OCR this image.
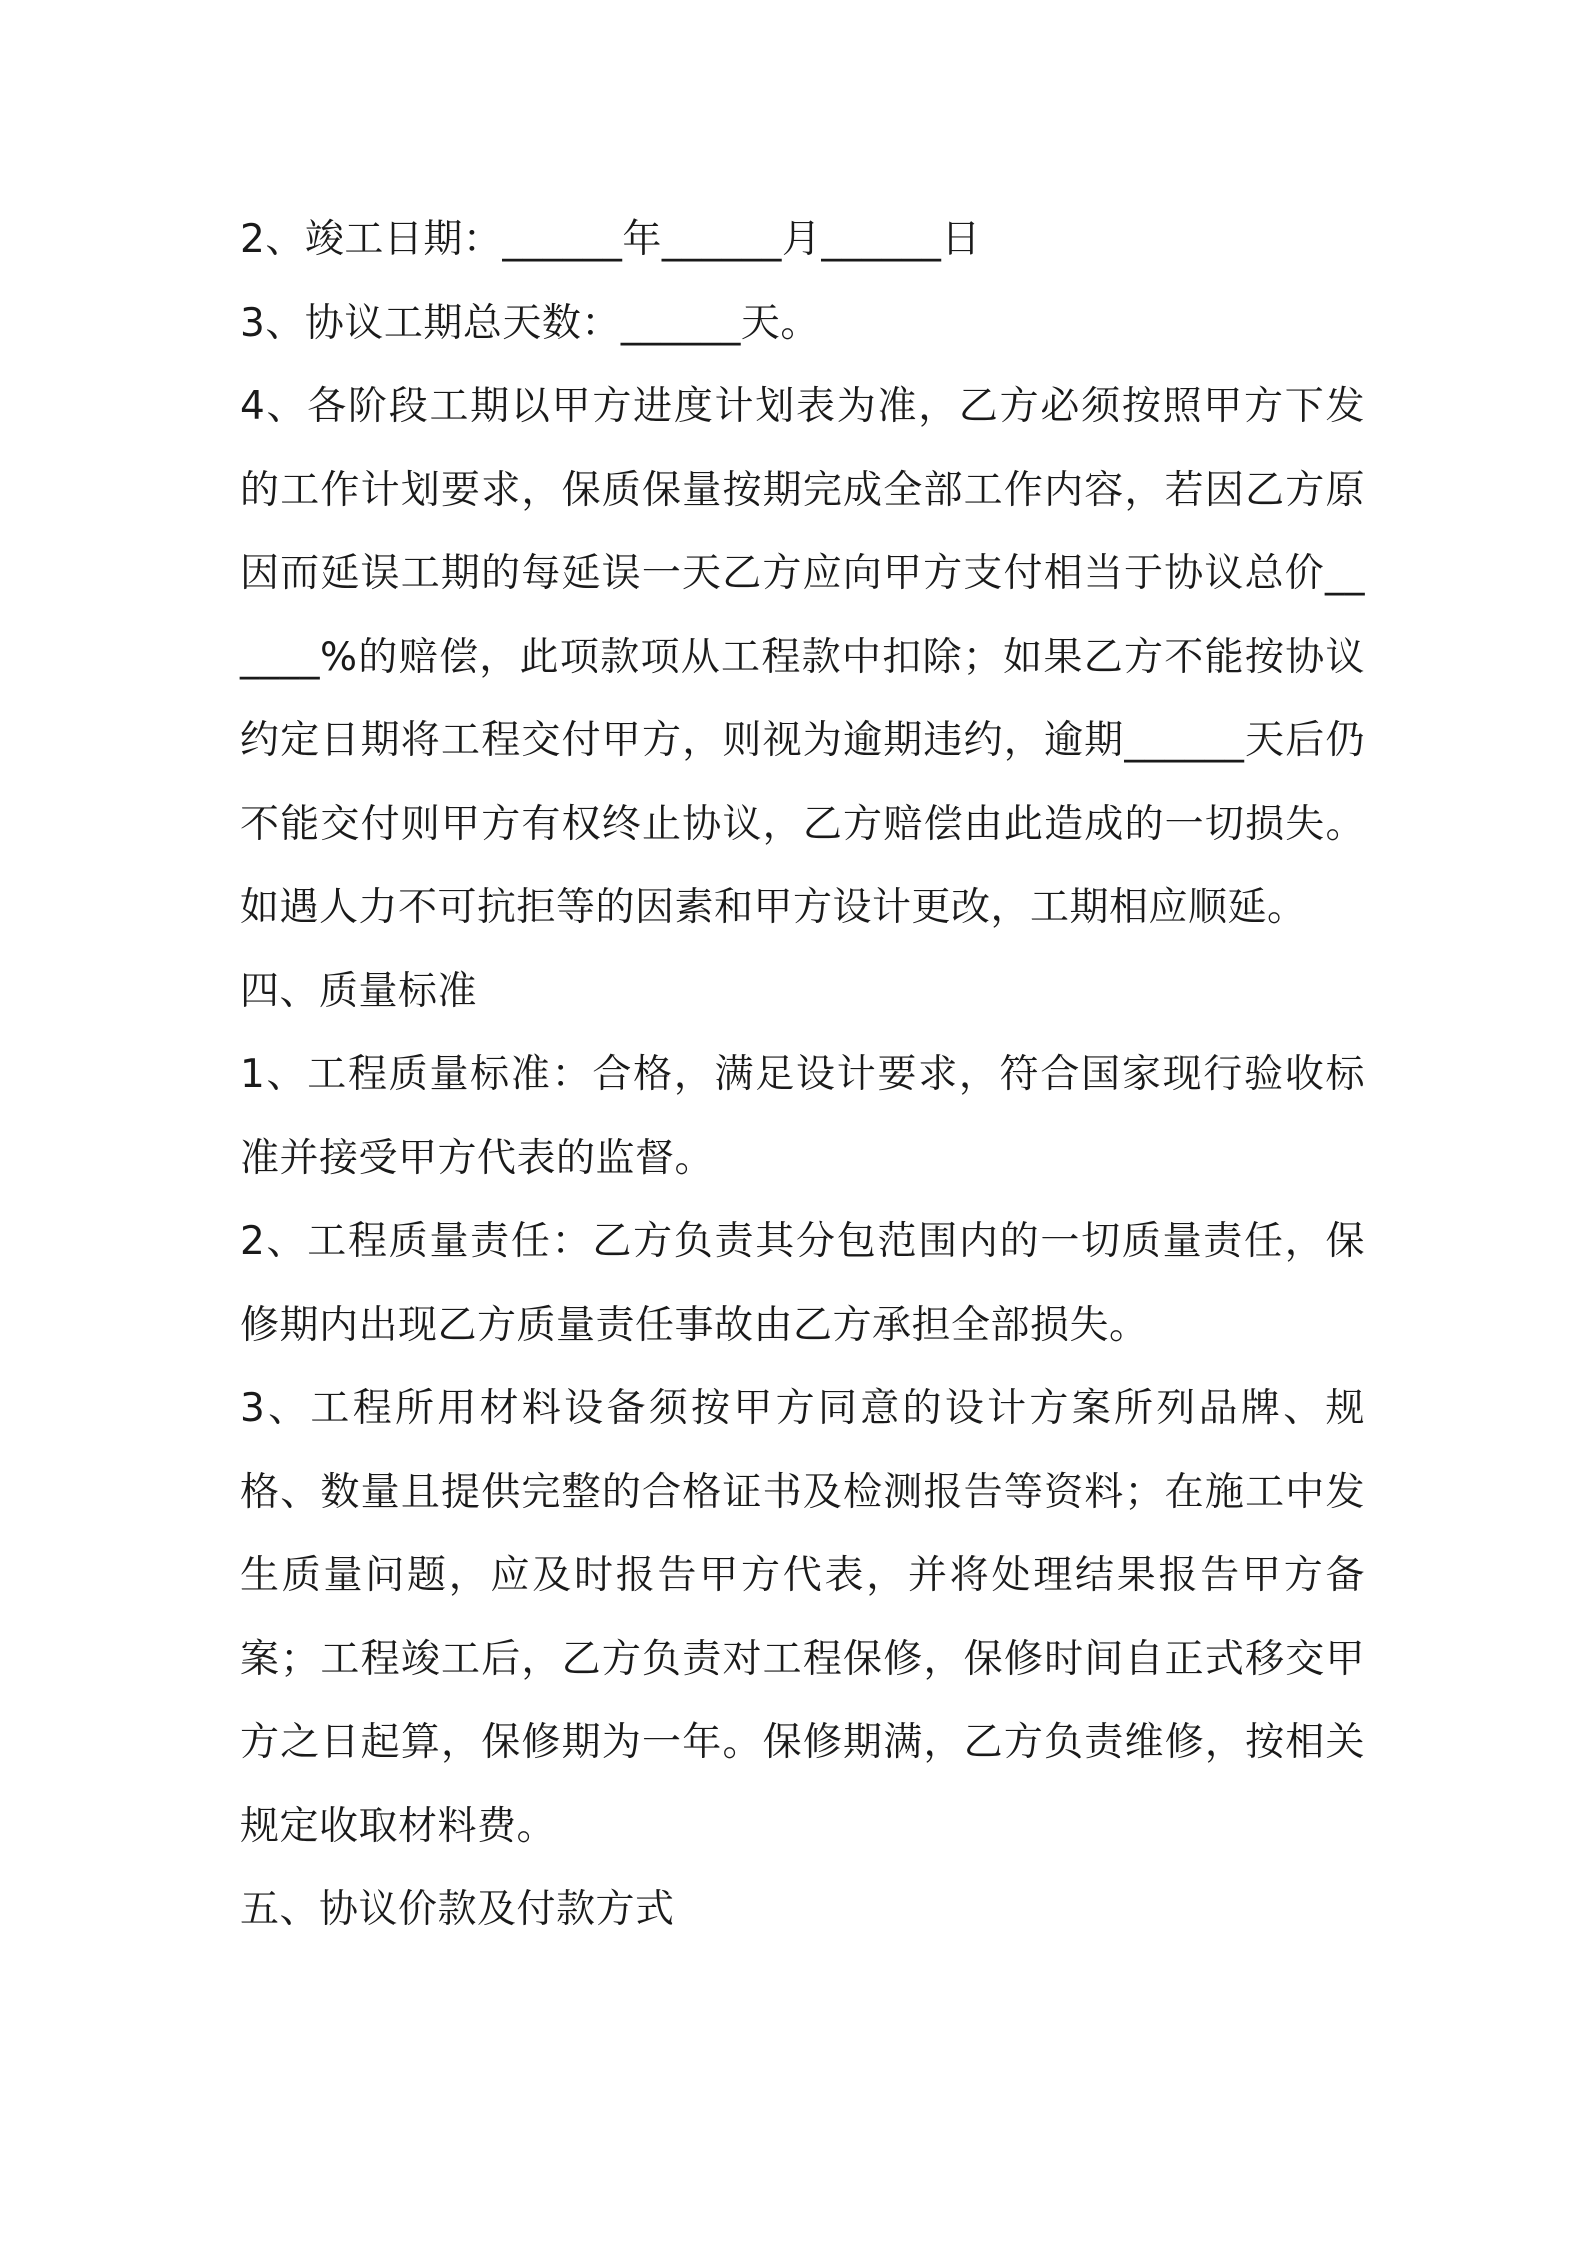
2、竣工日期：______年______月______日

3、协议工期总天数：______天。

4、各阶段工期以甲方进度计划表为准，乙方必须按照甲方下发的工作计划要求，保质保量按期完成全部工作内容，若因乙方原因而延误工期的每延误一天乙方应向甲方支付相当于协议总价______%的赔偿，此项款项从工程款中扣除；如果乙方不能按协议约定日期将工程交付甲方，则视为逾期违约，逾期______天后仍不能交付则甲方有权终止协议，乙方赔偿由此造成的一切损失。如遇人力不可抗拒等的因素和甲方设计更改，工期相应顺延。

四、质量标准

1、工程质量标准：合格，满足设计要求，符合国家现行验收标准并接受甲方代表的监督。

2、工程质量责任：乙方负责其分包范围内的一切质量责任，保修期内出现乙方质量责任事故由乙方承担全部损失。

3、工程所用材料设备须按甲方同意的设计方案所列品牌、规格、数量且提供完整的合格证书及检测报告等资料；在施工中发生质量问题，应及时报告甲方代表，并将处理结果报告甲方备案；工程竣工后，乙方负责对工程保修，保修时间自正式移交甲方之日起算，保修期为一年。保修期满，乙方负责维修，按相关规定收取材料费。

五、协议价款及付款方式
